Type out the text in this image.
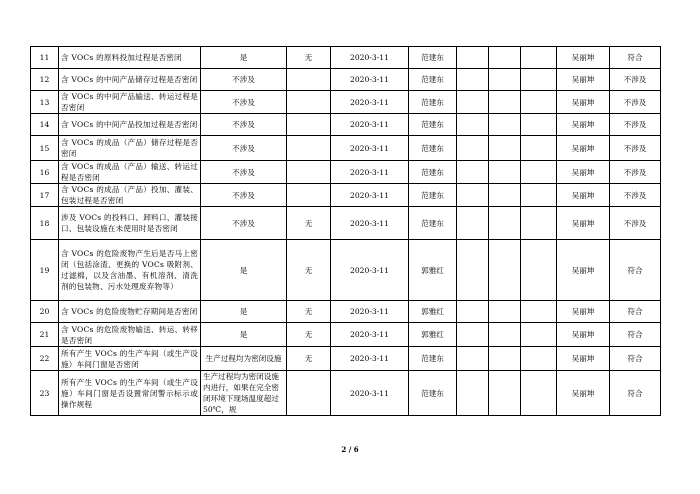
11	含 VOCs 的原料投加过程是否密闭	是	无	2020-3-11	范建东				吴丽坤	符合
12	含 VOCs 的中间产品储存过程是否密闭	不涉及		2020-3-11	范建东				吴丽坤	不涉及
13	含 VOCs 的中间产品输送、转运过程是否密闭	不涉及		2020-3-11	范建东				吴丽坤	不涉及
14	含 VOCs 的中间产品投加过程是否密闭	不涉及		2020-3-11	范建东				吴丽坤	不涉及
15	含 VOCs 的成品（产品）储存过程是否密闭	不涉及		2020-3-11	范建东				吴丽坤	不涉及
16	含 VOCs 的成品（产品）输送、转运过程是否密闭	不涉及		2020-3-11	范建东				吴丽坤	不涉及
17	含 VOCs 的成品（产品）投加、灌装、包装过程是否密闭	不涉及		2020-3-11	范建东				吴丽坤	不涉及
18	涉及 VOCs 的投料口、卸料口、灌装接口、包装设施在未使用时是否密闭	不涉及	无	2020-3-11	范建东				吴丽坤	不涉及
19	含 VOCs 的危险废物产生后是否马上密闭（包括涂渣、更换的 VOCs 吸附剂、过滤棉，以及含油墨、有机溶剂、清洗剂的包装物、污水处理废弃物等）	是	无	2020-3-11	郭雅红				吴丽坤	符合
20	含 VOCs 的危险废物贮存期间是否密闭	是	无	2020-3-11	郭雅红				吴丽坤	符合
21	含 VOCs 的危险废物输送、转运、转移是否密闭	是	无	2020-3-11	郭雅红				吴丽坤	符合
22	所有产生 VOCs 的生产车间（或生产设施）车间门窗是否密闭	生产过程均为密闭设施	无	2020-3-11	范建东				吴丽坤	符合
23	所有产生 VOCs 的生产车间（或生产设施）车间门窗是否设置常闭警示标示或操作规程	生产过程均为密闭设施内进行，如果在完全密闭环境下现场温度超过 50℃，规		2020-3-11	范建东				吴丽坤	符合
2 / 6
